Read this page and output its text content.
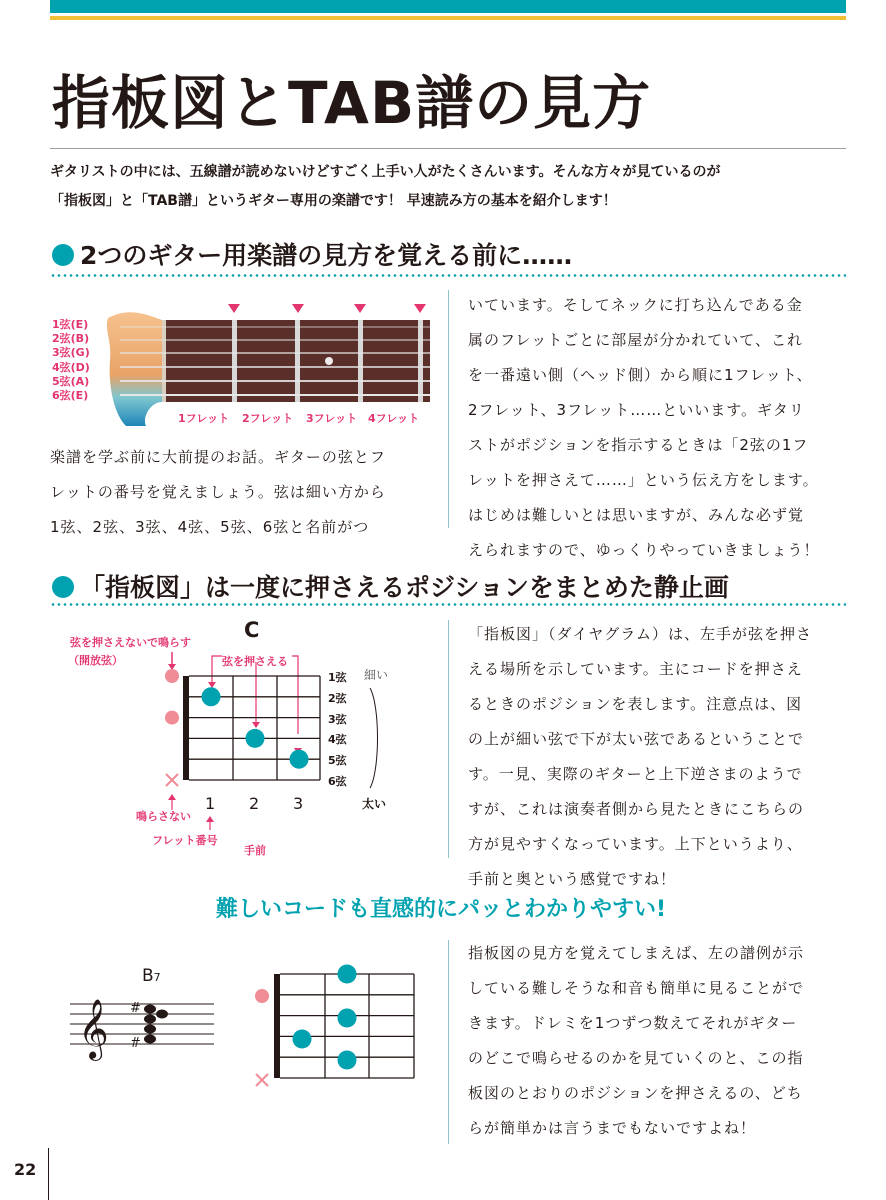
指板図とTAB譜の見方
ギタリストの中には、五線譜が読めないけどすごく上手い人がたくさんいます。そんな方々が見ているのが
「指板図」と「TAB譜」というギター専用の楽譜です！ 早速読み方の基本を紹介します！
2つのギター用楽譜の見方を覚える前に……
1弦(E)
2弦(B)
3弦(G)
4弦(D)
5弦(A)
6弦(E)
1フレット 2フレット 3フレット 4フレット
楽譜を学ぶ前に大前提のお話。ギターの弦とフ
レットの番号を覚えましょう。弦は細い方から
1弦、2弦、3弦、4弦、5弦、6弦と名前がつ
いています。そしてネックに打ち込んである金
属のフレットごとに部屋が分かれていて、これ
を一番遠い側（ヘッド側）から順に1フレット、
2フレット、3フレット……といいます。ギタリ
ストがポジションを指示するときは「2弦の1フ
レットを押さえて……」という伝え方をします。
はじめは難しいとは思いますが、みんな必ず覚
えられますので、ゆっくりやっていきましょう！
「指板図」は一度に押さえるポジションをまとめた静止画
C
弦を押さえないで鳴らす
（開放弦）	弦を押さえる
1弦
2弦
3弦
4弦
5弦
6弦
細い
太い
1 2 3
鳴らさない
フレット番号
手前
「指板図」（ダイヤグラム）は、左手が弦を押さ
える場所を示しています。主にコードを押さえ
るときのポジションを表します。注意点は、図
の上が細い弦で下が太い弦であるということで
す。一見、実際のギターと上下逆さまのようで
すが、これは演奏者側から見たときにこちらの
方が見やすくなっています。上下というより、
手前と奥という感覚ですね！
難しいコードも直感的にパッとわかりやすい!
B7
𝄞 #
#
指板図の見方を覚えてしまえば、左の譜例が示
している難しそうな和音も簡単に見ることがで
きます。ドレミを1つずつ数えてそれがギター
のどこで鳴らせるのかを見ていくのと、この指
板図のとおりのポジションを押さえるの、どち
らが簡単かは言うまでもないですよね！
22
